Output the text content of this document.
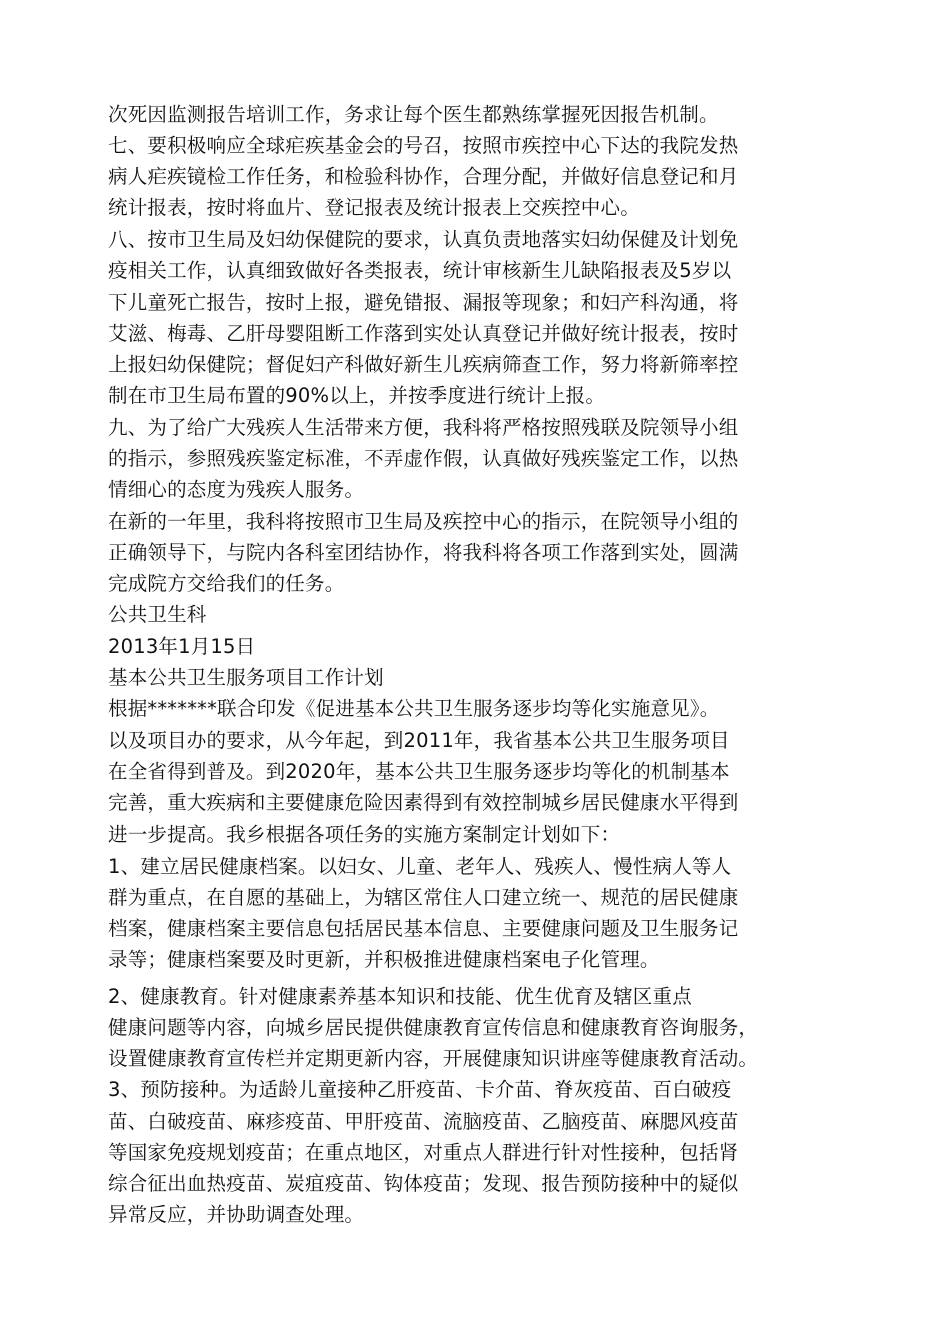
次死因监测报告培训工作，务求让每个医生都熟练掌握死因报告机制。
七、要积极响应全球疟疾基金会的号召，按照市疾控中心下达的我院发热
病人疟疾镜检工作任务，和检验科协作，合理分配，并做好信息登记和月
统计报表，按时将血片、登记报表及统计报表上交疾控中心。
八、按市卫生局及妇幼保健院的要求，认真负责地落实妇幼保健及计划免
疫相关工作，认真细致做好各类报表，统计审核新生儿缺陷报表及5岁以
下儿童死亡报告，按时上报，避免错报、漏报等现象；和妇产科沟通，将
艾滋、梅毒、乙肝母婴阻断工作落到实处认真登记并做好统计报表，按时
上报妇幼保健院；督促妇产科做好新生儿疾病筛查工作，努力将新筛率控
制在市卫生局布置的90%以上，并按季度进行统计上报。
九、为了给广大残疾人生活带来方便，我科将严格按照残联及院领导小组
的指示，参照残疾鉴定标准，不弄虚作假，认真做好残疾鉴定工作，以热
情细心的态度为残疾人服务。
在新的一年里，我科将按照市卫生局及疾控中心的指示，在院领导小组的
正确领导下，与院内各科室团结协作，将我科将各项工作落到实处，圆满
完成院方交给我们的任务。
公共卫生科
2013年1月15日
基本公共卫生服务项目工作计划
根据*******联合印发《促进基本公共卫生服务逐步均等化实施意见》。
以及项目办的要求，从今年起，到2011年，我省基本公共卫生服务项目
在全省得到普及。到2020年，基本公共卫生服务逐步均等化的机制基本
完善，重大疾病和主要健康危险因素得到有效控制城乡居民健康水平得到
进一步提高。我乡根据各项任务的实施方案制定计划如下：
1、建立居民健康档案。以妇女、儿童、老年人、残疾人、慢性病人等人
群为重点，在自愿的基础上，为辖区常住人口建立统一、规范的居民健康
档案，健康档案主要信息包括居民基本信息、主要健康问题及卫生服务记
录等；健康档案要及时更新，并积极推进健康档案电子化管理。
2、健康教育。针对健康素养基本知识和技能、优生优育及辖区重点
健康问题等内容，向城乡居民提供健康教育宣传信息和健康教育咨询服务，
设置健康教育宣传栏并定期更新内容，开展健康知识讲座等健康教育活动。
3、预防接种。为适龄儿童接种乙肝疫苗、卡介苗、脊灰疫苗、百白破疫
苗、白破疫苗、麻疹疫苗、甲肝疫苗、流脑疫苗、乙脑疫苗、麻腮风疫苗
等国家免疫规划疫苗；在重点地区，对重点人群进行针对性接种，包括肾
综合征出血热疫苗、炭疽疫苗、钩体疫苗；发现、报告预防接种中的疑似
异常反应，并协助调查处理。
